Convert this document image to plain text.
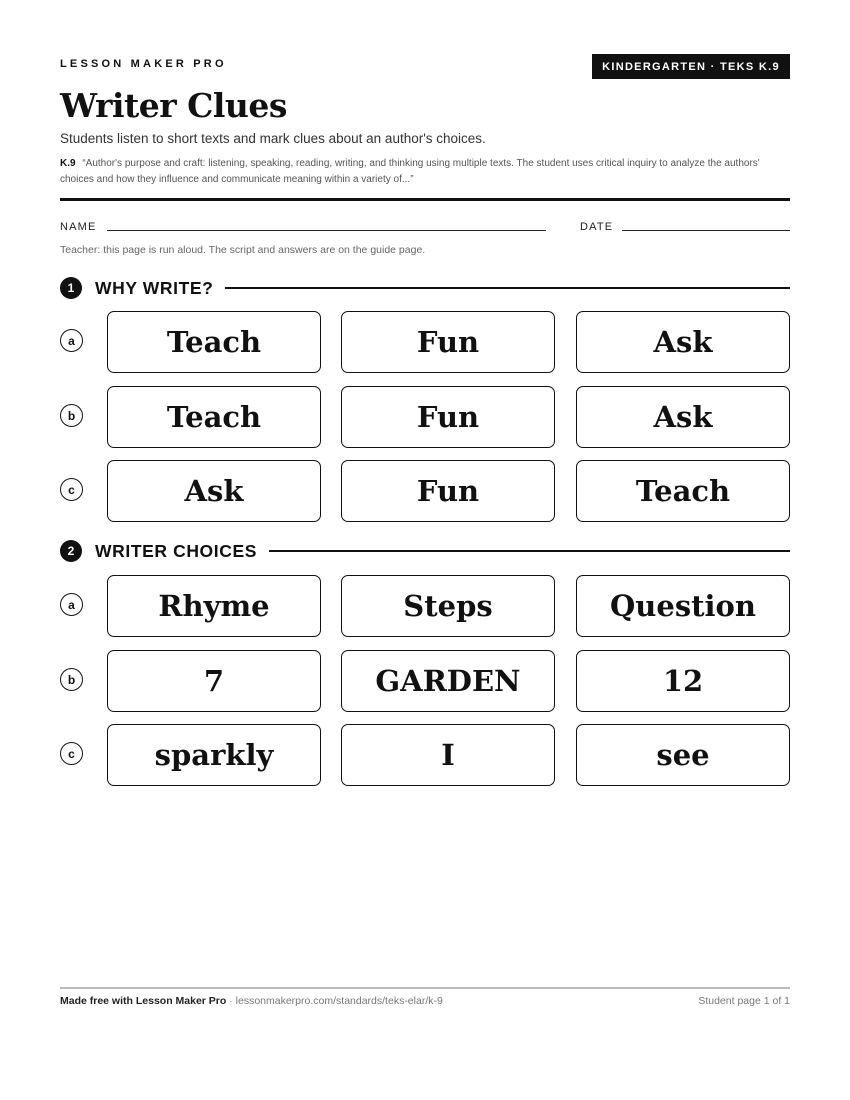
LESSON MAKER PRO	KINDERGARTEN · TEKS K.9
Writer Clues
Students listen to short texts and mark clues about an author's choices.
K.9 “Author's purpose and craft: listening, speaking, reading, writing, and thinking using multiple texts. The student uses critical inquiry to analyze the authors' choices and how they influence and communicate meaning within a variety of...”
NAME	DATE
Teacher: this page is run aloud. The script and answers are on the guide page.
1	WHY WRITE?
a	Teach	Fun	Ask
b	Teach	Fun	Ask
c	Ask	Fun	Teach
2	WRITER CHOICES
a	Rhyme	Steps	Question
b	7	GARDEN	12
c	sparkly	I	see
Made free with Lesson Maker Pro · lessonmakerpro.com/standards/teks-elar/k-9	Student page 1 of 1
